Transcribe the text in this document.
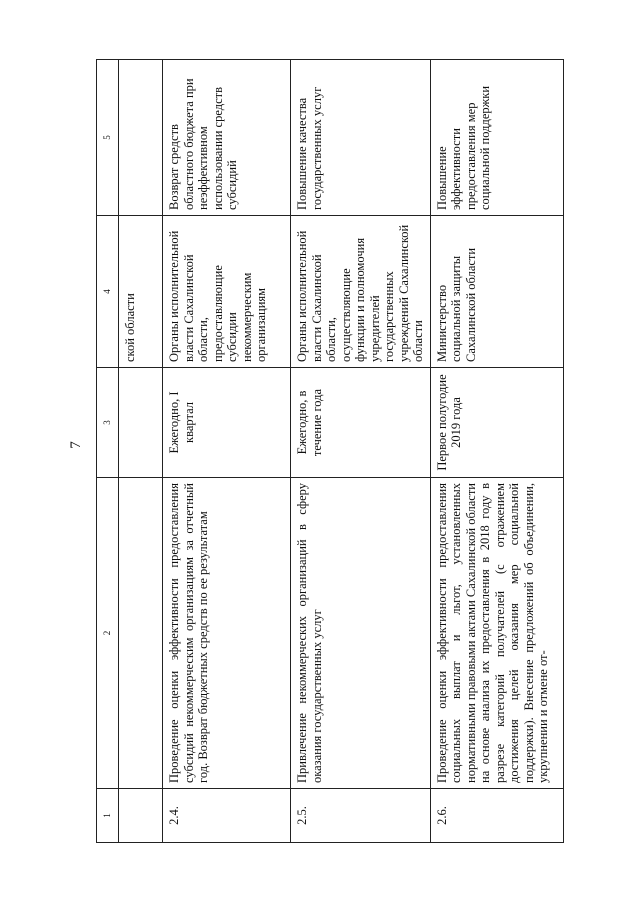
7
1	2	3	4	5
			ской области	
2.4.	Проведение оценки эффективности предоставления субсидий некоммерческим организациям за отчетный год. Возврат бюджетных средств по ее результатам	Ежегодно, I квартал	Органы исполнительной власти Сахалинской области, предоставляющие субсидии некоммерческим организациям	Возврат средств областного бюджета при неэффективном использовании средств субсидий
2.5.	Привлечение некоммерческих организаций в сферу оказания государственных услуг	Ежегодно, в течение года	Органы исполнительной власти Сахалинской области, осуществляющие функции и полномочия учредителей государственных учреждений Сахалинской области	Повышение качества государственных услуг
2.6.	Проведение оценки эффективности предоставления социальных выплат и льгот, установленных нормативными правовыми актами Сахалинской области на основе анализа их предоставления в 2018 году в разрезе категорий получателей (с отражением достижения целей оказания мер социальной поддержки). Внесение предложений об объединении, укрупнении и отмене от-	Первое полугодие 2019 года	Министерство социальной защиты Сахалинской области	Повышение эффективности предоставления мер социальной поддержки
